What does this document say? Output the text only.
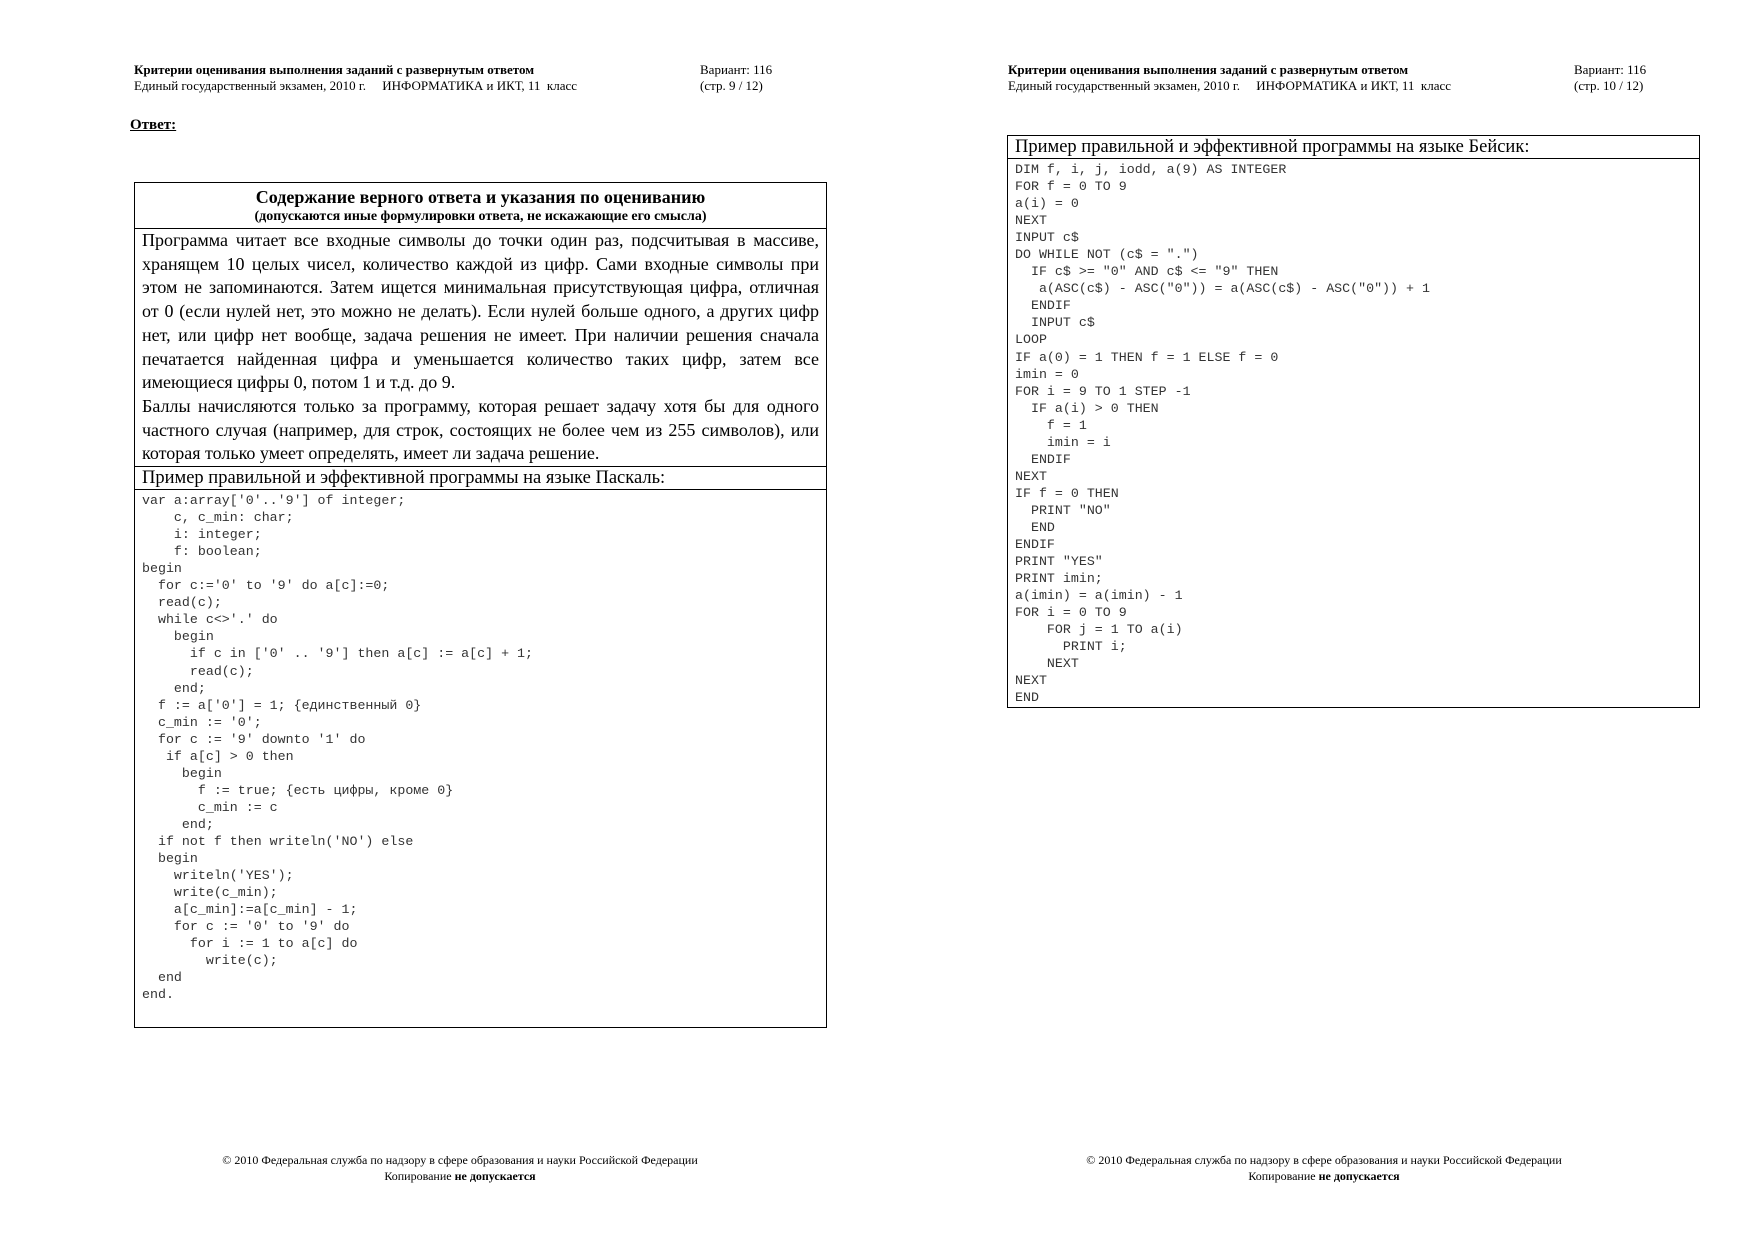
Критерии оценивания выполнения заданий с развернутым ответом
Единый государственный экзамен, 2010 г.     ИНФОРМАТИКА и ИКТ, 11  класс
Вариант: 116
(стр. 9 / 12)
Ответ:
Содержание верного ответа и указания по оцениванию
(допускаются иные формулировки ответа, не искажающие его смысла)

Программа читает все входные символы до точки один раз, подсчитывая в массиве, хранящем 10 целых чисел, количество каждой из цифр. Сами входные символы при этом не запоминаются. Затем ищется минимальная присутствующая цифра, отличная от 0 (если нулей нет, это можно не делать). Если нулей больше одного, а других цифр нет, или цифр нет вообще, задача решения не имеет. При наличии решения сначала печатается найденная цифра и уменьшается количество таких цифр, затем все имеющиеся цифры 0, потом 1 и т.д. до 9.

Баллы начисляются только за программу, которая решает задачу хотя бы для одного частного случая (например, для строк, состоящих не более чем из 255 символов), или которая только умеет определять, имеет ли задача решение.

Пример правильной и эффективной программы на языке Паскаль:
var a:array['0'..'9'] of integer;
c, c_min: char;
i: integer;
f: boolean;
begin
for c:='0' to '9' do a[c]:=0;
read(c);
while c<>'.' do
begin
if c in ['0' .. '9'] then a[c] := a[c] + 1;
read(c);
end;
f := a['0'] = 1; {единственный 0}
c_min := '0';
for c := '9' downto '1' do
if a[c] > 0 then
begin
f := true; {есть цифры, кроме 0}
c_min := c
end;
if not f then writeln('NO') else
begin
writeln('YES');
write(c_min);
a[c_min]:=a[c_min] - 1;
for c := '0' to '9' do
for i := 1 to a[c] do
write(c);
end
end.
© 2010 Федеральная служба по надзору в сфере образования и науки Российской Федерации
Копирование не допускается
Критерии оценивания выполнения заданий с развернутым ответом
Единый государственный экзамен, 2010 г.     ИНФОРМАТИКА и ИКТ, 11  класс
Вариант: 116
(стр. 10 / 12)
Пример правильной и эффективной программы на языке Бейсик:
DIM f, i, j, iodd, a(9) AS INTEGER
FOR f = 0 TO 9
a(i) = 0
NEXT
INPUT c$
DO WHILE NOT (c$ = ".")
IF c$ >= "0" AND c$ <= "9" THEN
a(ASC(c$) - ASC("0")) = a(ASC(c$) - ASC("0")) + 1
ENDIF
INPUT c$
LOOP
IF a(0) = 1 THEN f = 1 ELSE f = 0
imin = 0
FOR i = 9 TO 1 STEP -1
IF a(i) > 0 THEN
f = 1
imin = i
ENDIF
NEXT
IF f = 0 THEN
PRINT "NO"
END
ENDIF
PRINT "YES"
PRINT imin;
a(imin) = a(imin) - 1
FOR i = 0 TO 9
FOR j = 1 TO a(i)
PRINT i;
NEXT
NEXT
END
© 2010 Федеральная служба по надзору в сфере образования и науки Российской Федерации
Копирование не допускается
